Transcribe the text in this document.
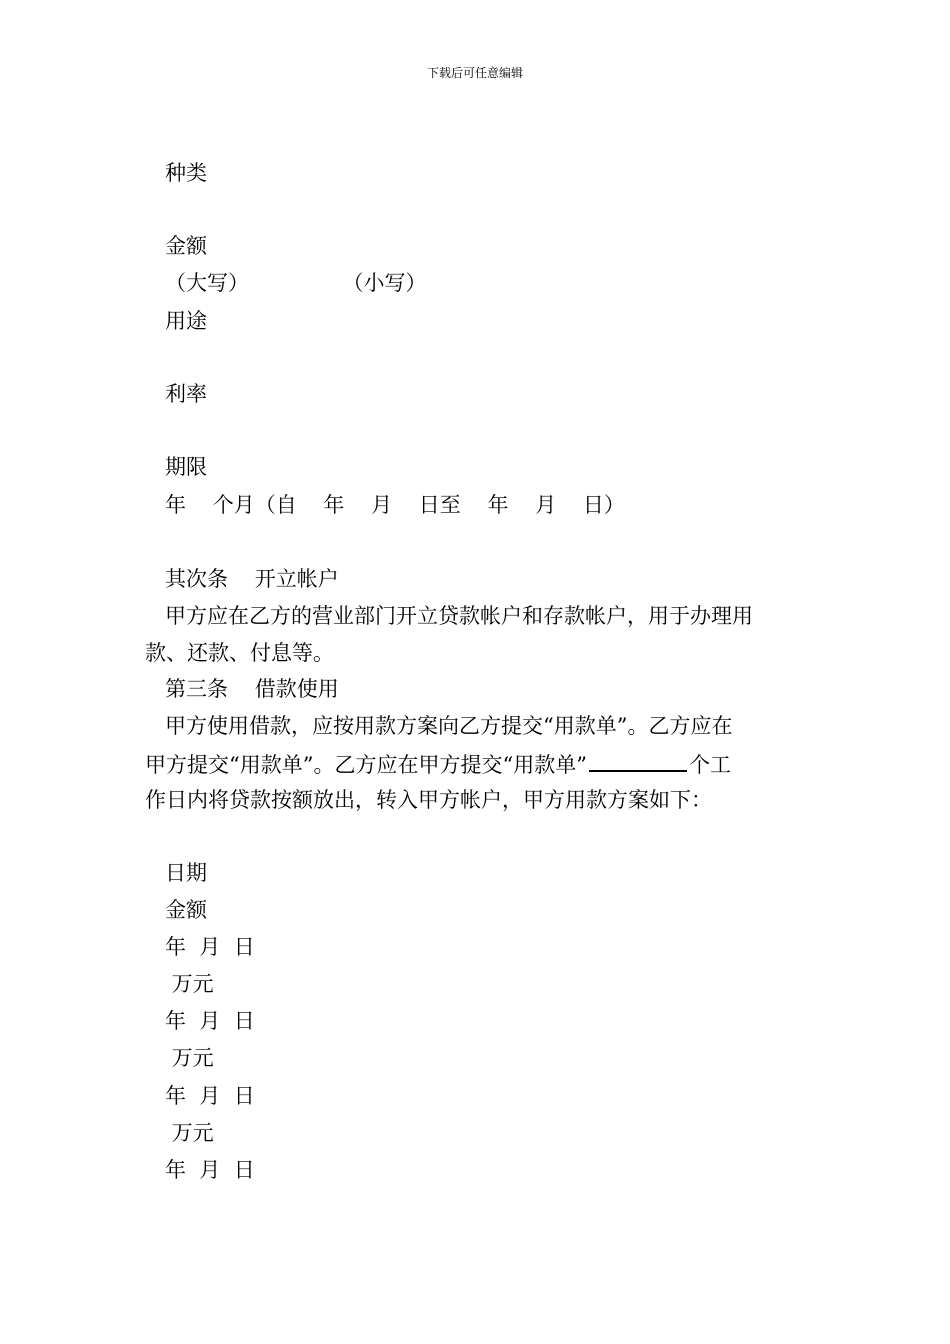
下载后可任意编辑
种类
金额
（大写）              （小写）
用途
利率
期限
年    个月（自    年    月    日至    年    月    日）
其次条    开立帐户
甲方应在乙方的营业部门开立贷款帐户和存款帐户，用于办理用
款、还款、付息等。
第三条    借款使用
甲方使用借款，应按用款方案向乙方提交“用款单”。乙方应在
甲方提交“用款单”。乙方应在甲方提交“用款单”	个工
作日内将贷款按额放出，转入甲方帐户，甲方用款方案如下：
日期
金额
年  月  日
万元
年  月  日
万元
年  月  日
万元
年  月  日
